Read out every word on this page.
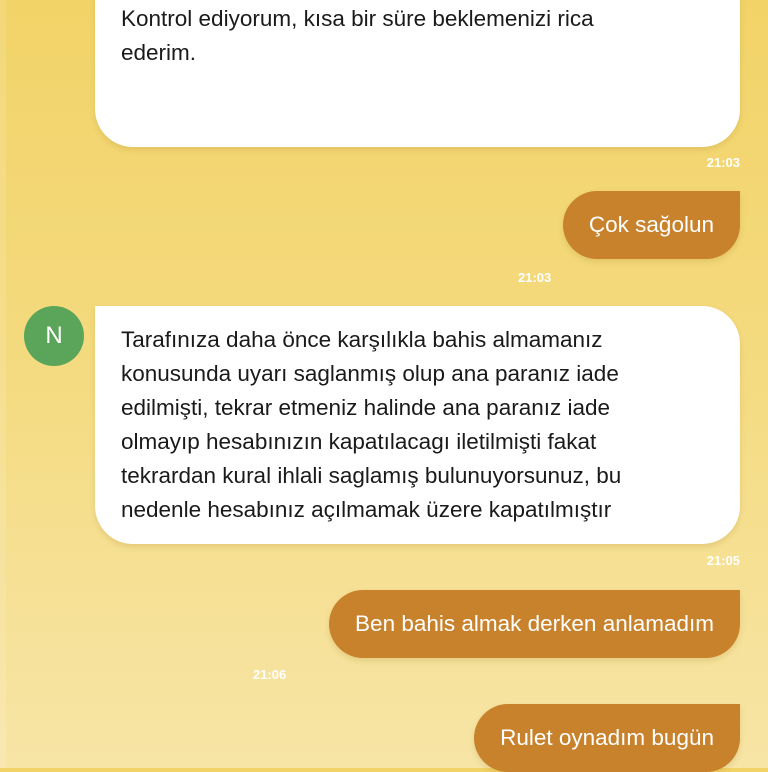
Kontrol ediyorum, kısa bir süre beklemenizi rica
ederim.
21:03
Çok sağolun
21:03
N	Tarafınıza daha önce karşılıkla bahis almamanız
konusunda uyarı saglanmış olup ana paranız iade
edilmişti, tekrar etmeniz halinde ana paranız iade
olmayıp hesabınızın kapatılacagı iletilmişti fakat
tekrardan kural ihlali saglamış bulunuyorsunuz, bu
nedenle hesabınız açılmamak üzere kapatılmıştır
21:05
Ben bahis almak derken anlamadım
21:06
Rulet oynadım bugün
